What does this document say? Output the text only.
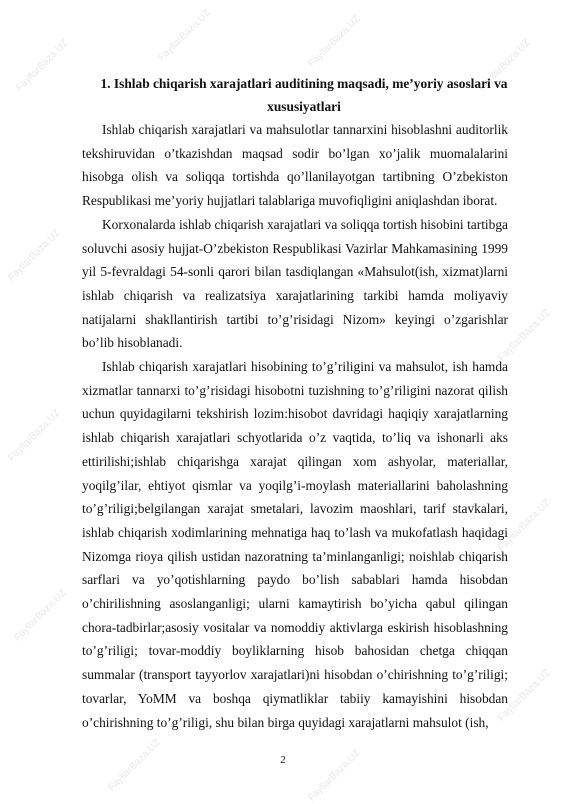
FayllarBaza.UZ
FayllarBaza.UZ	FayllarBaza.UZ	FayllarBaza.UZ
FayllarBaza.UZ
FayllarBaza.UZ
FayllarBaza.UZ
FayllarBaza.UZ
FayllarBaza.UZ
FayllarBaza.UZ
FayllarBaza.UZ	FayllarBaza.UZ
1. Ishlab chiqarish xarajatlari auditining maqsadi, me’yoriy asoslari va xususiyatlari

Ishlab chiqarish xarajatlari va mahsulotlar tannarxini hisoblashni auditorlik tekshiruvidan o’tkazishdan maqsad sodir bo’lgan xo’jalik muomalalarini hisobga olish va soliqqa tortishda qo’llanilayotgan tartibning O’zbekiston Respublikasi me’yoriy hujjatlari talablariga muvofiqligini aniqlashdan iborat.

Korxonalarda ishlab chiqarish xarajatlari va soliqqa tortish hisobini tartibga soluvchi asosiy hujjat-O’zbekiston Respublikasi Vazirlar Mahkamasining 1999 yil 5-fevraldagi 54-sonli qarori bilan tasdiqlangan «Mahsulot(ish, xizmat)larni ishlab chiqarish va realizatsiya xarajatlarining tarkibi hamda moliyaviy natijalarni shakllantirish tartibi to’g’risidagi Nizom» keyingi o’zgarishlar bo’lib hisoblanadi.

Ishlab chiqarish xarajatlari hisobining to’g’riligini va mahsulot, ish hamda xizmatlar tannarxi to’g’risidagi hisobotni tuzishning to’g’riligini nazorat qilish uchun quyidagilarni tekshirish lozim:hisobot davridagi haqiqiy xarajatlarning ishlab chiqarish xarajatlari schyotlarida o’z vaqtida, to’liq va ishonarli aks ettirilishi;ishlab chiqarishga xarajat qilingan xom ashyolar, materiallar, yoqilg’ilar, ehtiyot qismlar va yoqilg’i-moylash materiallarini baholashning to’g’riligi;belgilangan xarajat smetalari, lavozim maoshlari, tarif stavkalari, ishlab chiqarish xodimlarining mehnatiga haq to’lash va mukofatlash haqidagi Nizomga rioya qilish ustidan nazoratning ta’minlanganligi; noishlab chiqarish sarflari va yo’qotishlarning paydo bo’lish sabablari hamda hisobdan o’chirilishning asoslanganligi; ularni kamaytirish bo’yicha qabul qilingan chora-tadbirlar;asosiy vositalar va nomoddiy aktivlarga eskirish hisoblashning to’g’riligi; tovar-moddiy boyliklarning hisob bahosidan chetga chiqqan summalar (transport tayyorlov xarajatlari)ni hisobdan o’chirishning to’g’riligi; tovarlar, YoMM va boshqa qiymatliklar tabiiy kamayishini hisobdan o’chirishning to’g’riligi, shu bilan birga quyidagi xarajatlarni mahsulot (ish,

2
